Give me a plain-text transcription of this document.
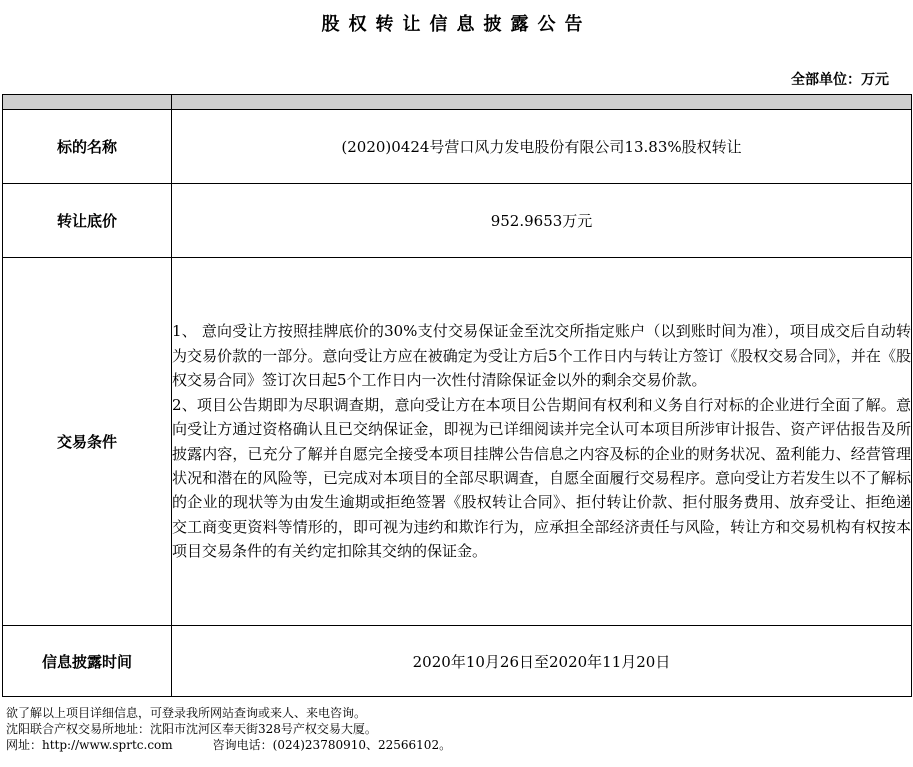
股权转让信息披露公告
全部单位：万元

标的名称	(2020)0424号营口风力发电股份有限公司13.83%股权转让
转让底价	952.9653万元
交易条件	1、 意向受让方按照挂牌底价的30%支付交易保证金至沈交所指定账户（以到账时间为准），项目成交后自动转为交易价款的一部分。意向受让方应在被确定为受让方后5个工作日内与转让方签订《股权交易合同》，并在《股权交易合同》签订次日起5个工作日内一次性付清除保证金以外的剩余交易价款。

2、项目公告期即为尽职调查期，意向受让方在本项目公告期间有权利和义务自行对标的企业进行全面了解。意向受让方通过资格确认且已交纳保证金，即视为已详细阅读并完全认可本项目所涉审计报告、资产评估报告及所披露内容，已充分了解并自愿完全接受本项目挂牌公告信息之内容及标的企业的财务状况、盈利能力、经营管理状况和潜在的风险等，已完成对本项目的全部尽职调查，自愿全面履行交易程序。意向受让方若发生以不了解标的企业的现状等为由发生逾期或拒绝签署《股权转让合同》、拒付转让价款、拒付服务费用、放弃受让、拒绝递交工商变更资料等情形的，即可视为违约和欺诈行为，应承担全部经济责任与风险，转让方和交易机构有权按本项目交易条件的有关约定扣除其交纳的保证金。

信息披露时间	2020年10月26日至2020年11月20日
欲了解以上项目详细信息，可登录我所网站查询或来人、来电咨询。
沈阳联合产权交易所地址：沈阳市沈河区奉天街328号产权交易大厦。
网址：http://www.sprtc.com	咨询电话：(024)23780910、22566102。
